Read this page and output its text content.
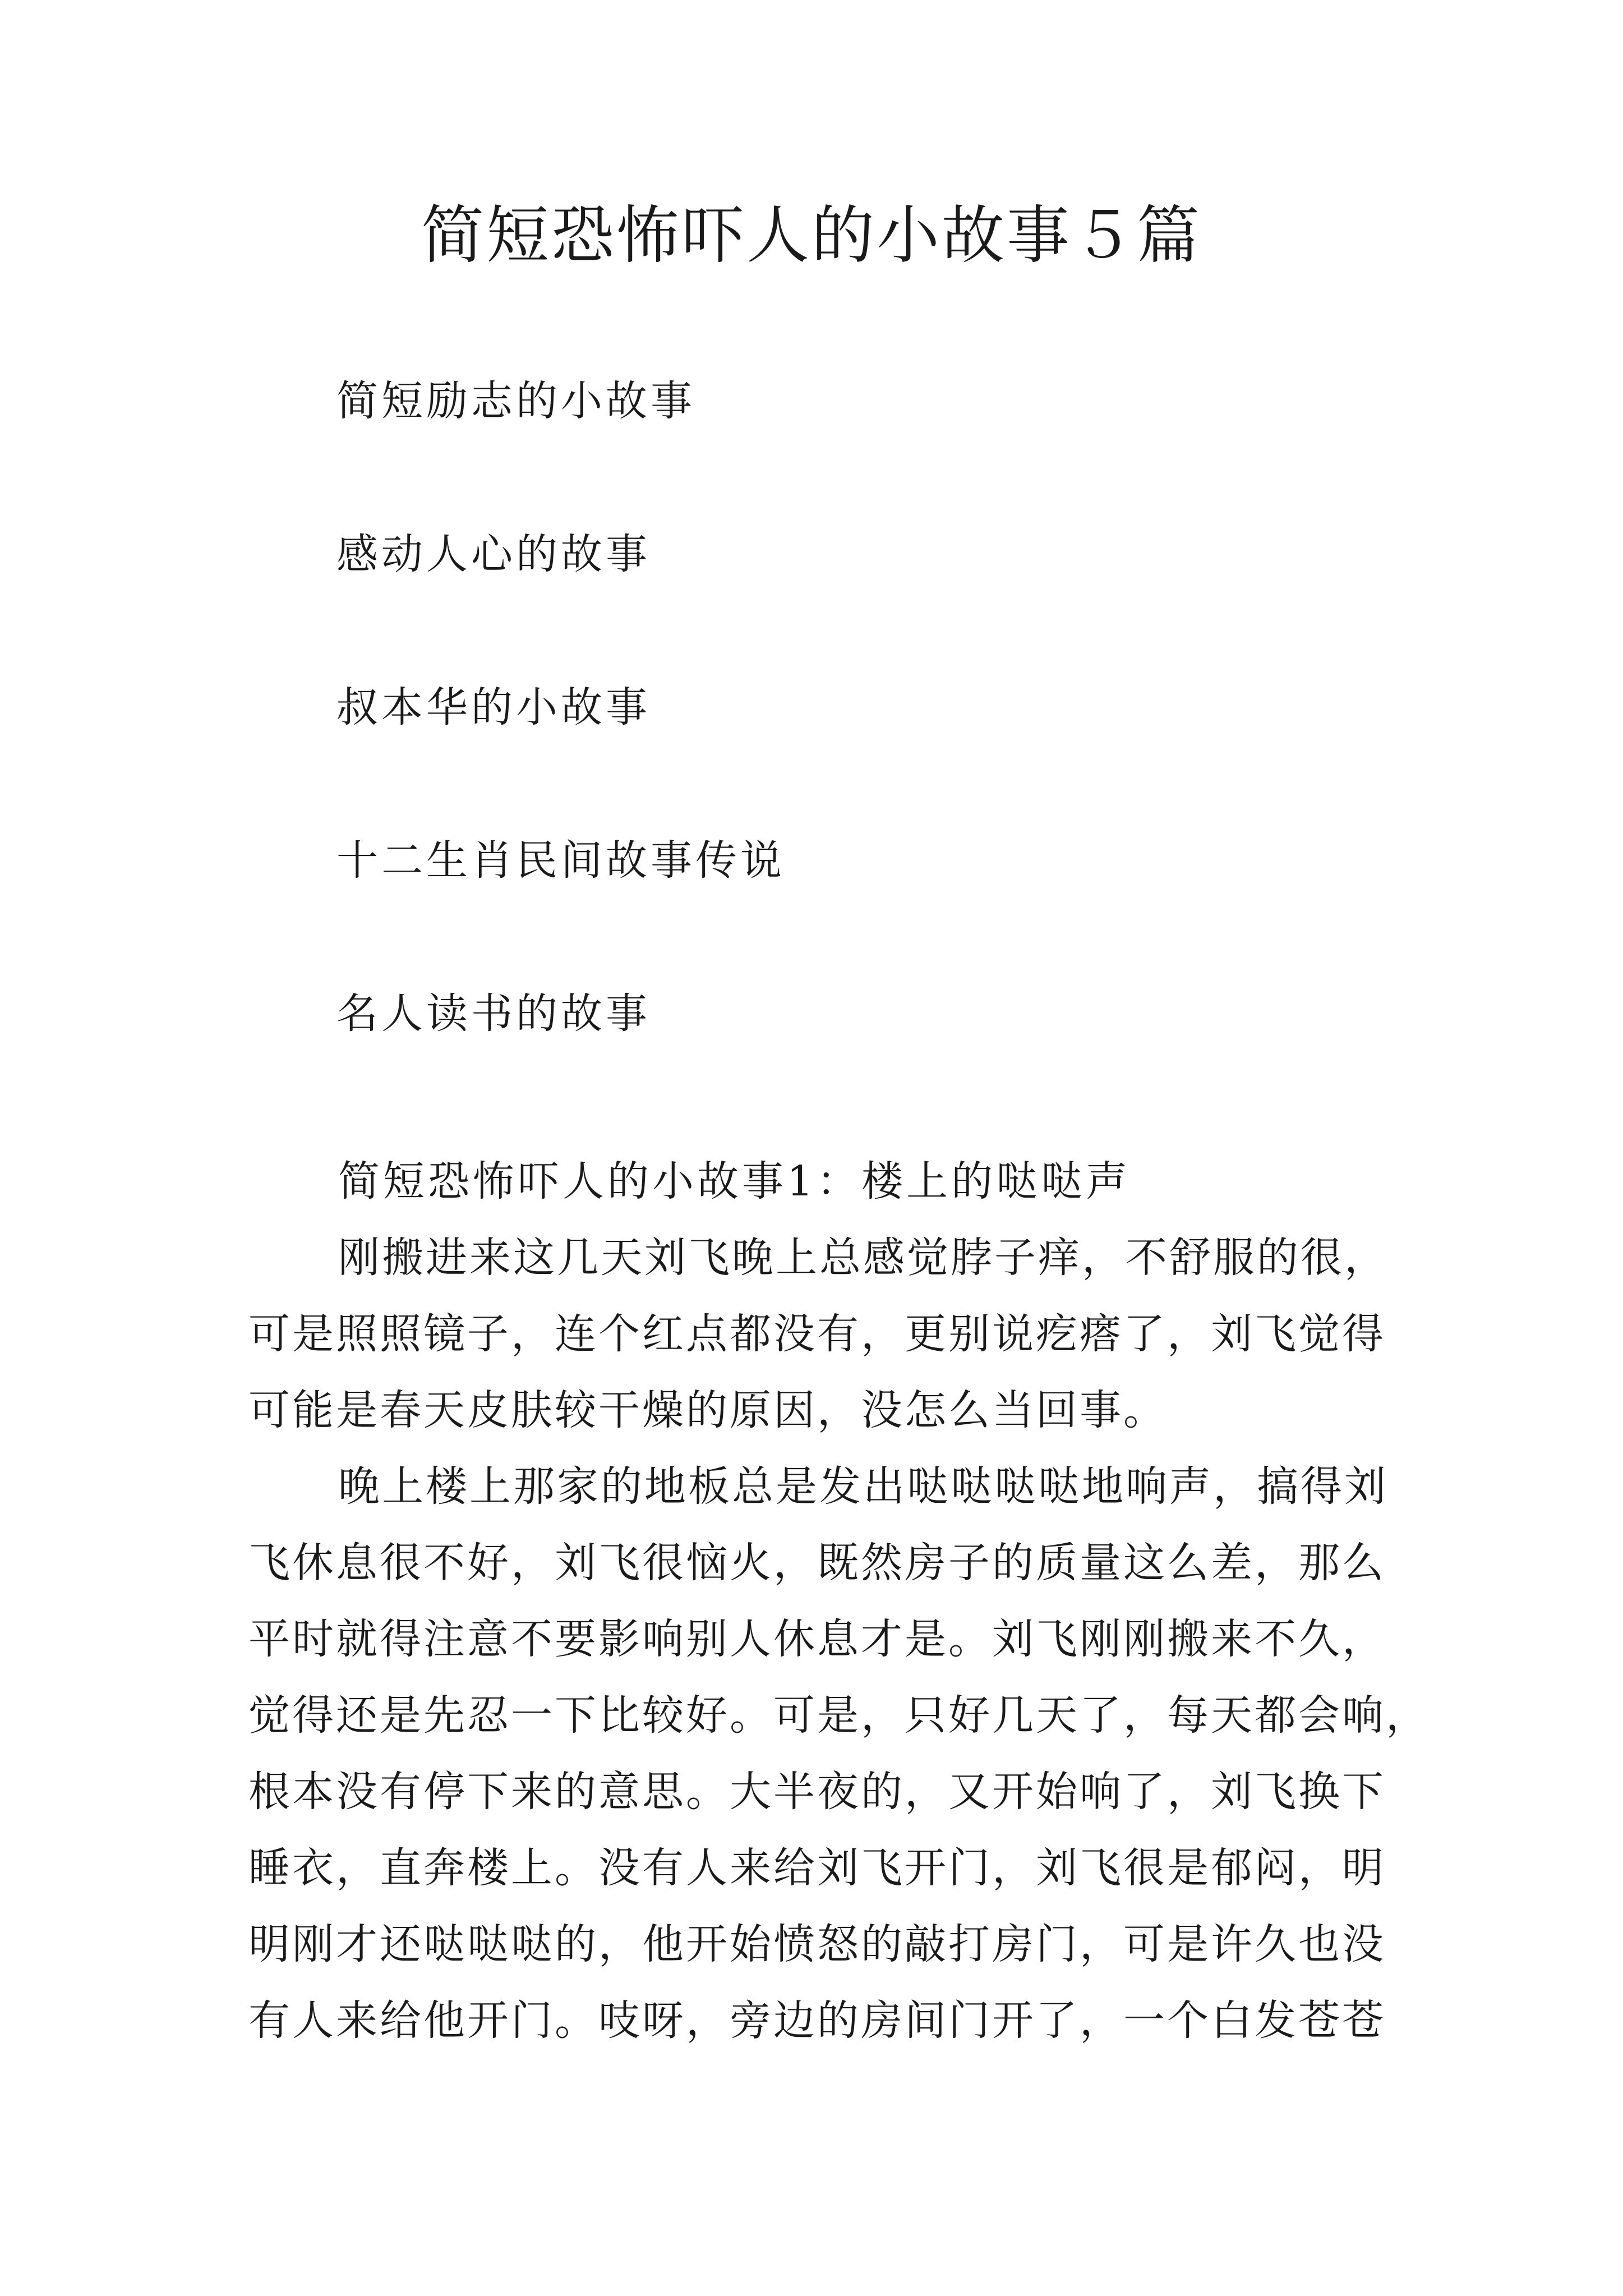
简短恐怖吓人的小故事５篇
简短励志的小故事
感动人心的故事
叔本华的小故事
十二生肖民间故事传说
名人读书的故事
简短恐怖吓人的小故事1：楼上的哒哒声
刚搬进来这几天刘飞晚上总感觉脖子痒，不舒服的很，
可是照照镜子，连个红点都没有，更别说疙瘩了，刘飞觉得
可能是春天皮肤较干燥的原因，没怎么当回事。
晚上楼上那家的地板总是发出哒哒哒哒地响声，搞得刘
飞休息很不好，刘飞很恼火，既然房子的质量这么差，那么
平时就得注意不要影响别人休息才是。刘飞刚刚搬来不久，
觉得还是先忍一下比较好。可是，只好几天了，每天都会响，
根本没有停下来的意思。大半夜的，又开始响了，刘飞换下
睡衣，直奔楼上。没有人来给刘飞开门，刘飞很是郁闷，明
明刚才还哒哒哒的，他开始愤怒的敲打房门，可是许久也没
有人来给他开门。吱呀，旁边的房间门开了，一个白发苍苍
